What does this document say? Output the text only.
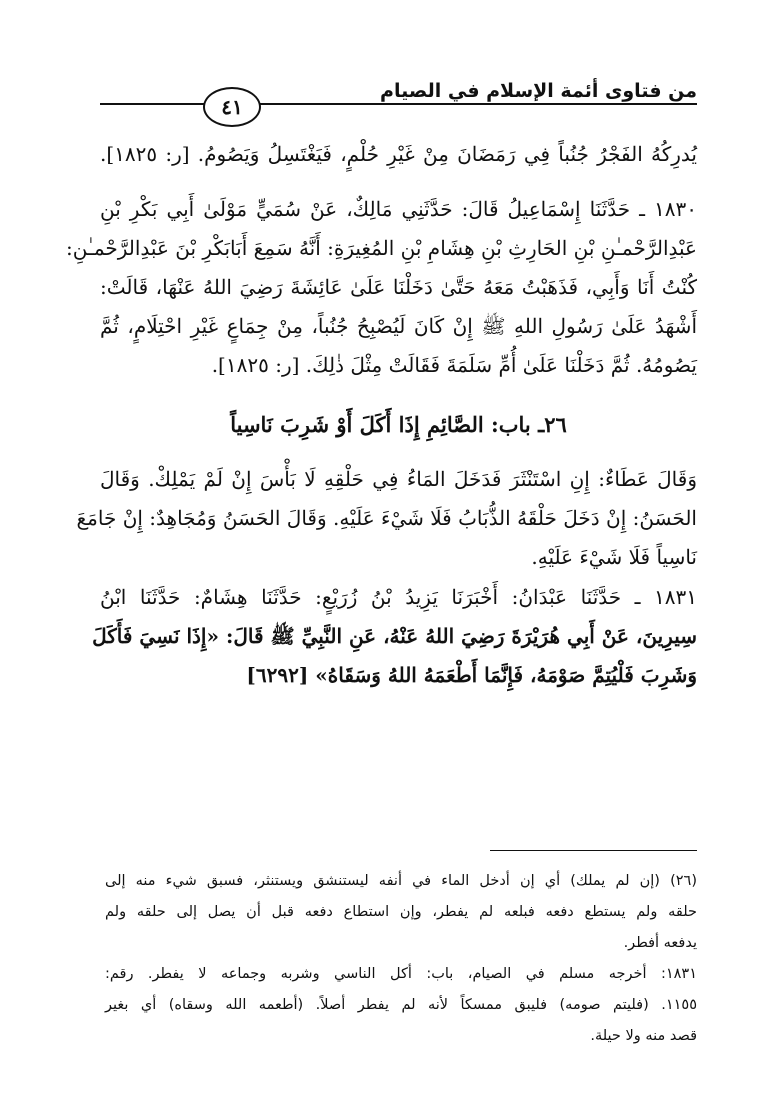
من فتاوى أئمة الإسلام في الصيام
٤١
يُدرِكُهُ الفَجْرُ جُنُباً فِي رَمَضَانَ مِنْ غَيْرِ حُلْمٍ، فَيَغْتَسِلُ وَيَصُومُ. [ر: ١٨٢٥].
١٨٣٠ ـ حَدَّثَنَا إِسْمَاعِيلُ قَالَ: حَدَّثَنِي مَالِكٌ، عَنْ سُمَيٍّ مَوْلَىٰ أَبِي بَكْرِ بْنِ
عَبْدِالرَّحْمـٰنِ بْنِ الحَارِثِ بْنِ هِشَامِ بْنِ المُغِيرَةِ: أَنَّهُ سَمِعَ أَبَابَكْرِ بْنَ عَبْدِالرَّحْمـٰنِ:
كُنْتُ أَنَا وَأَبِي، فَذَهَبْتُ مَعَهُ حَتَّىٰ دَخَلْنَا عَلَىٰ عَائِشَةَ رَضِيَ اللهُ عَنْهَا، قَالَتْ:
أَشْهَدُ عَلَىٰ رَسُولِ اللهِ ﷺ إِنْ كَانَ لَيُصْبِحُ جُنُباً، مِنْ جِمَاعٍ غَيْرِ احْتِلَامٍ، ثُمَّ
يَصُومُهُ. ثُمَّ دَخَلْنَا عَلَىٰ أُمِّ سَلَمَةَ فَقَالَتْ مِثْلَ ذٰلِكَ. [ر: ١٨٢٥].
٢٦ـ باب: الصَّائِمِ إِذَا أَكَلَ أَوْ شَرِبَ نَاسِياً
وَقَالَ عَطَاءٌ: إِنِ اسْتَنْثَرَ فَدَخَلَ المَاءُ فِي حَلْقِهِ لَا بَأْسَ إِنْ لَمْ يَمْلِكْ. وَقَالَ
الحَسَنُ: إِنْ دَخَلَ حَلْقَهُ الذُّبَابُ فَلَا شَيْءَ عَلَيْهِ. وَقَالَ الحَسَنُ وَمُجَاهِدٌ: إِنْ جَامَعَ
نَاسِياً فَلَا شَيْءَ عَلَيْهِ.
١٨٣١ ـ حَدَّثَنَا عَبْدَانُ: أَخْبَرَنَا يَزِيدُ بْنُ زُرَيْعٍ: حَدَّثَنَا هِشَامٌ: حَدَّثَنَا ابْنُ
سِيرِينَ، عَنْ أَبِي هُرَيْرَةَ رَضِيَ اللهُ عَنْهُ، عَنِ النَّبِيِّ ﷺ قَالَ: «إِذَا نَسِيَ فَأَكَلَ
وَشَرِبَ فَلْيُتِمَّ صَوْمَهُ، فَإِنَّمَا أَطْعَمَهُ اللهُ وَسَقَاهُ» [٦٢٩٢]
(٢٦) (إن لم يملك) أي إن أدخل الماء في أنفه ليستنشق ويستنثر، فسبق شيء منه إلى
حلقه ولم يستطع دفعه فبلعه لم يفطر، وإن استطاع دفعه قبل أن يصل إلى حلقه ولم
يدفعه أفطر.
١٨٣١: أخرجه مسلم في الصيام، باب: أكل الناسي وشربه وجماعه لا يفطر. رقم:
١١٥٥. (فليتم صومه) فليبق ممسكاً لأنه لم يفطر أصلاً. (أطعمه الله وسقاه) أي بغير
قصد منه ولا حيلة.
